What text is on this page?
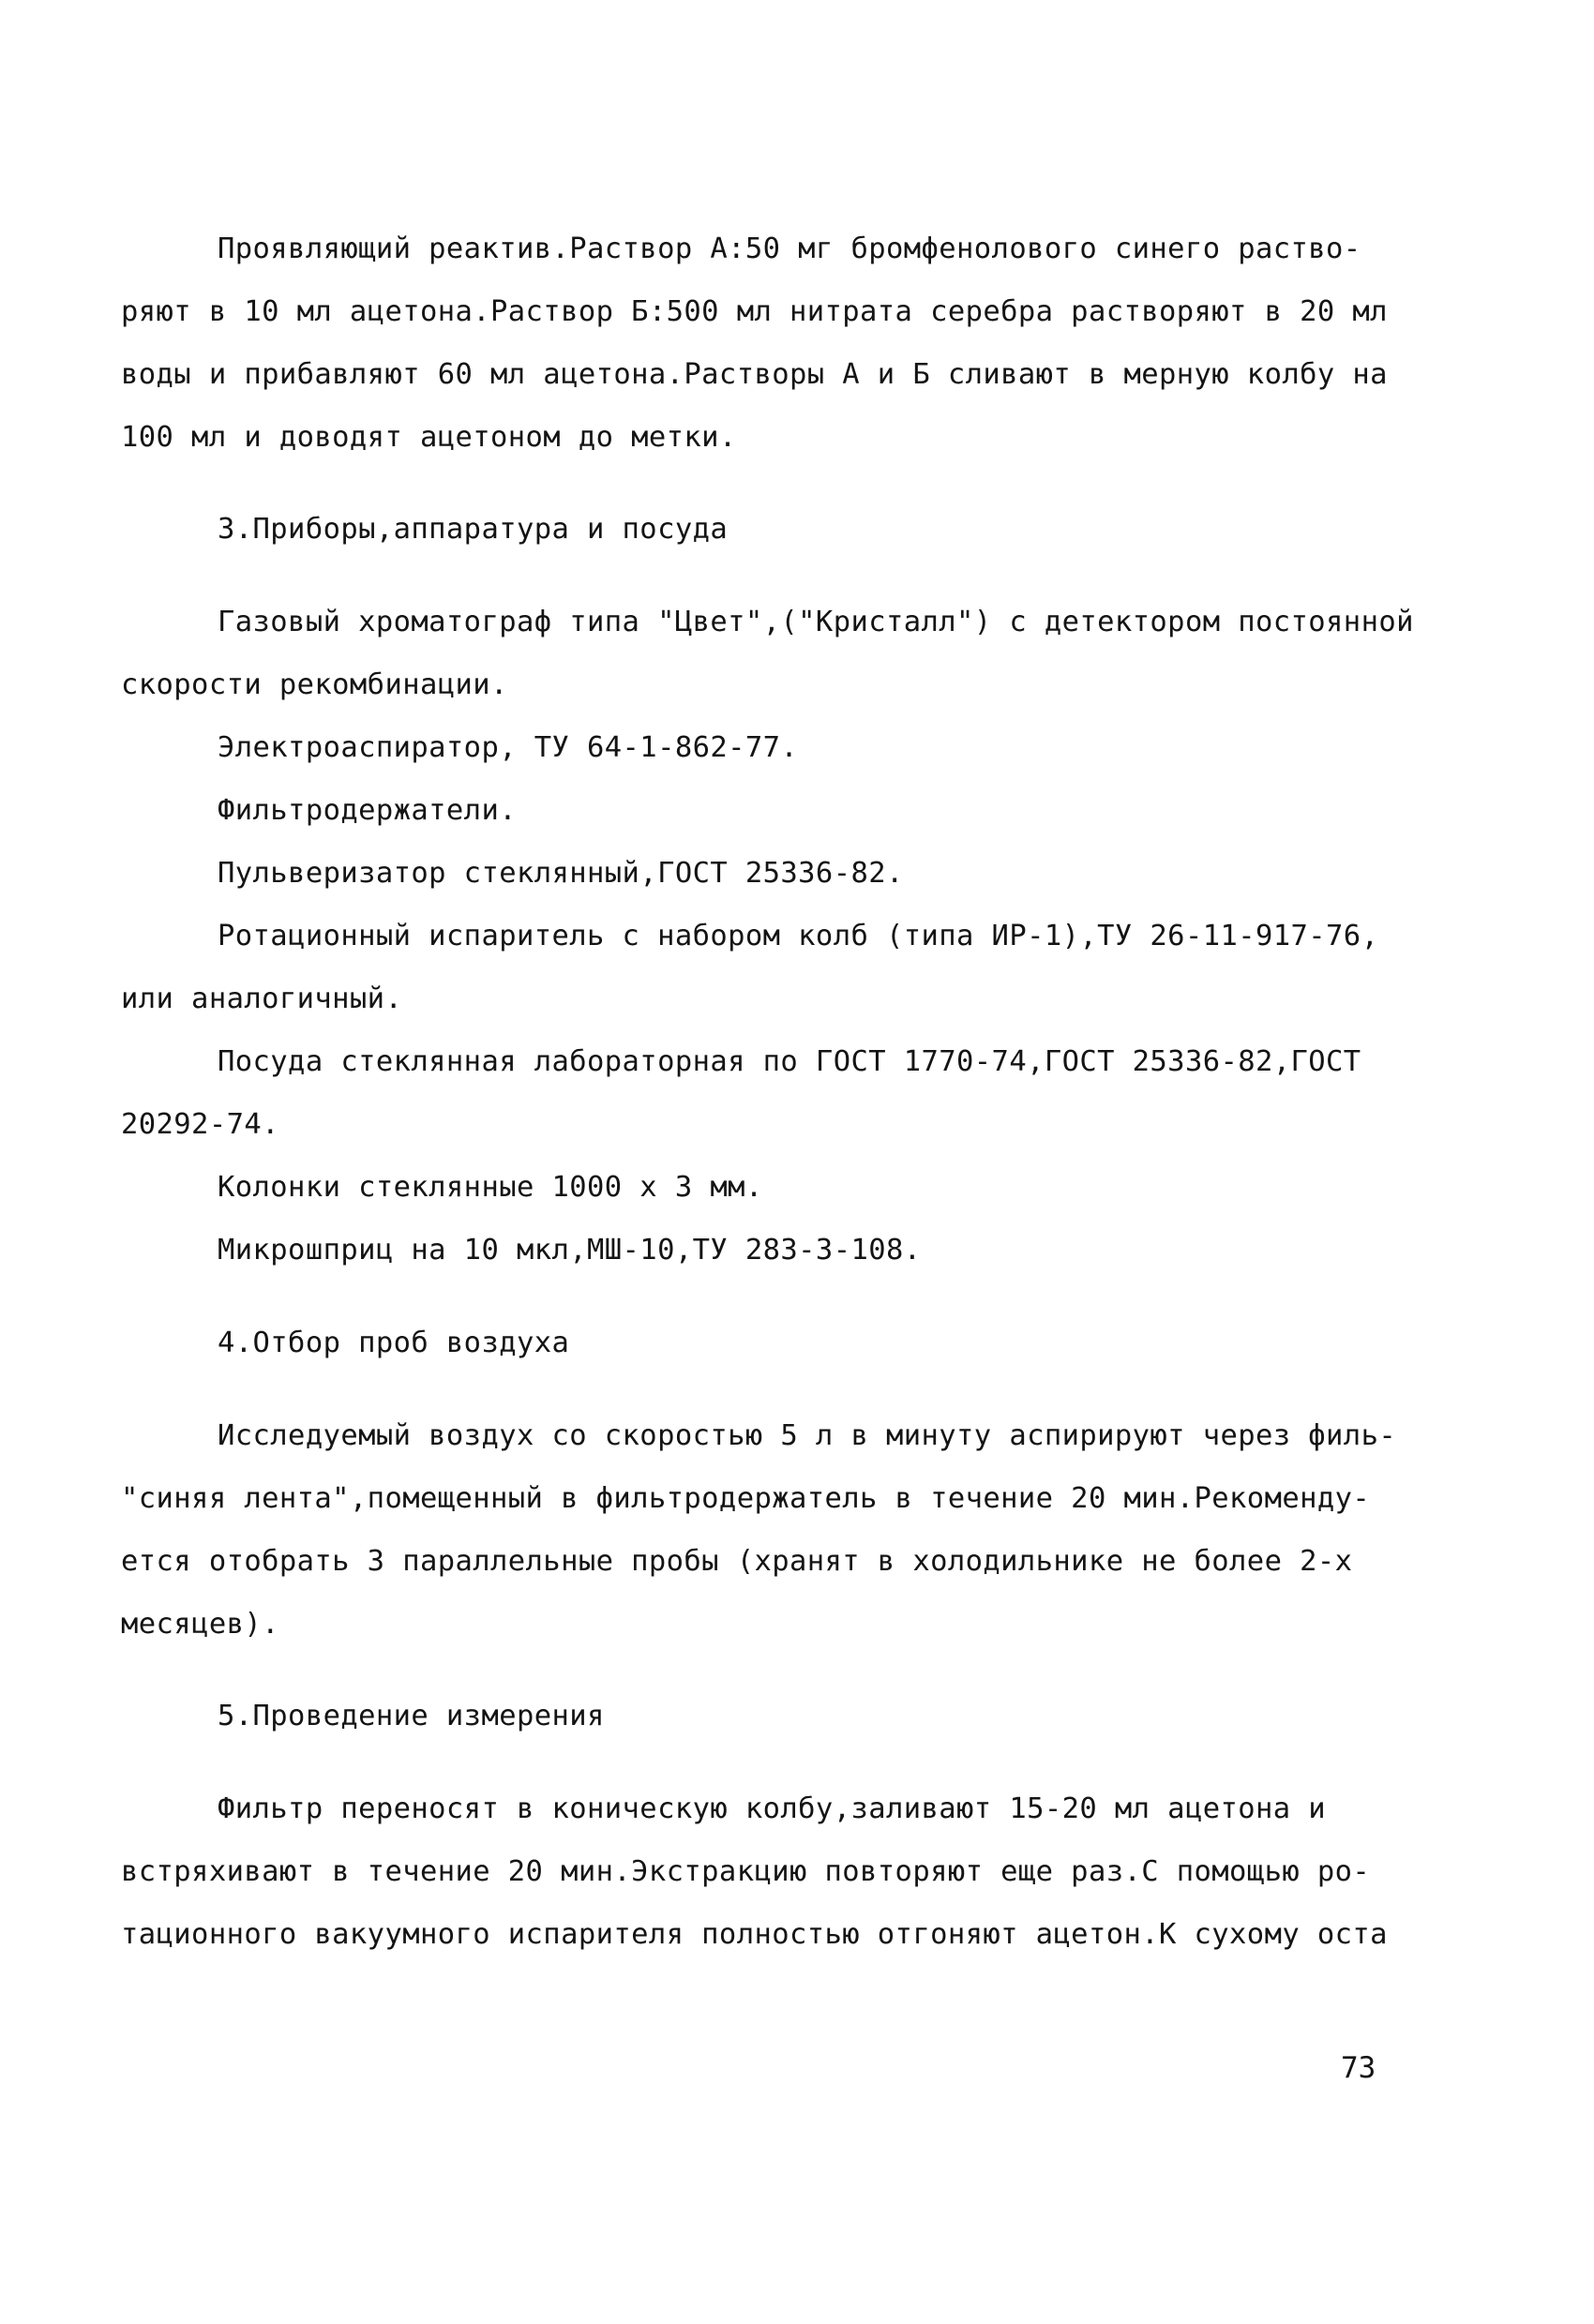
Проявляющий реактив.Раствор А:50 мг бромфенолового синего раство-
ряют в 10 мл ацетона.Раствор Б:500 мл нитрата серебра растворяют в 20 мл
воды и прибавляют 60 мл ацетона.Растворы А и Б сливают в мерную колбу на
100 мл и доводят ацетоном до метки.
3.Приборы,аппаратура и посуда
Газовый хроматограф типа "Цвет",("Кристалл") с детектором постоянной
скорости рекомбинации.
Электроаспиратор, ТУ 64-1-862-77.
Фильтродержатели.
Пульверизатор стеклянный,ГОСТ 25336-82.
Ротационный испаритель с набором колб (типа ИР-1),ТУ 26-11-917-76,
или аналогичный.
Посуда стеклянная лабораторная по ГОСТ 1770-74,ГОСТ 25336-82,ГОСТ
20292-74.
Колонки стеклянные 1000 х 3 мм.
Микрошприц на 10 мкл,МШ-10,ТУ 283-3-108.
4.Отбор проб воздуха
Исследуемый воздух со скоростью 5 л в минуту аспирируют через филь-
"синяя лента",помещенный в фильтродержатель в течение 20 мин.Рекоменду-
ется отобрать 3 параллельные пробы (хранят в холодильнике не более 2-х
месяцев).
5.Проведение измерения
Фильтр переносят в коническую колбу,заливают 15-20 мл ацетона и
встряхивают в течение 20 мин.Экстракцию повторяют еще раз.С помощью ро-
тационного вакуумного испарителя полностью отгоняют ацетон.К сухому оста
73
